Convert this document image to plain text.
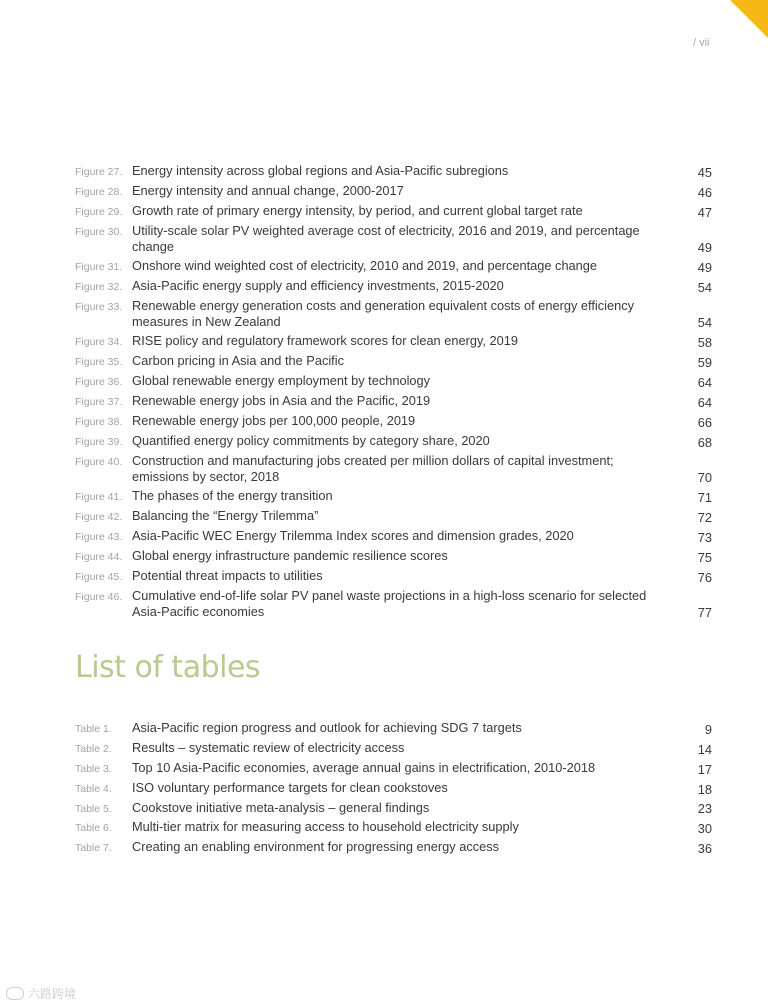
/ vii
Figure 27. Energy intensity across global regions and Asia-Pacific subregions	45
Figure 28. Energy intensity and annual change, 2000-2017	46
Figure 29. Growth rate of primary energy intensity, by period, and current global target rate	47
Figure 30. Utility-scale solar PV weighted average cost of electricity, 2016 and 2019, and percentage change	49
Figure 31. Onshore wind weighted cost of electricity, 2010 and 2019, and percentage change	49
Figure 32. Asia-Pacific energy supply and efficiency investments, 2015-2020	54
Figure 33. Renewable energy generation costs and generation equivalent costs of energy efficiency measures in New Zealand	54
Figure 34. RISE policy and regulatory framework scores for clean energy, 2019	58
Figure 35. Carbon pricing in Asia and the Pacific	59
Figure 36. Global renewable energy employment by technology	64
Figure 37. Renewable energy jobs in Asia and the Pacific, 2019	64
Figure 38. Renewable energy jobs per 100,000 people, 2019	66
Figure 39. Quantified energy policy commitments by category share, 2020	68
Figure 40. Construction and manufacturing jobs created per million dollars of capital investment; emissions by sector, 2018	70
Figure 41. The phases of the energy transition	71
Figure 42. Balancing the “Energy Trilemma”	72
Figure 43. Asia-Pacific WEC Energy Trilemma Index scores and dimension grades, 2020	73
Figure 44. Global energy infrastructure pandemic resilience scores	75
Figure 45. Potential threat impacts to utilities	76
Figure 46. Cumulative end-of-life solar PV panel waste projections in a high-loss scenario for selected Asia-Pacific economies	77
List of tables
Table 1.	Asia-Pacific region progress and outlook for achieving SDG 7 targets	9
Table 2.	Results – systematic review of electricity access	14
Table 3.	Top 10 Asia-Pacific economies, average annual gains in electrification, 2010-2018	17
Table 4.	ISO voluntary performance targets for clean cookstoves	18
Table 5.	Cookstove initiative meta-analysis – general findings	23
Table 6.	Multi-tier matrix for measuring access to household electricity supply	30
Table 7.	Creating an enabling environment for progressing energy access	36
六路跨境
